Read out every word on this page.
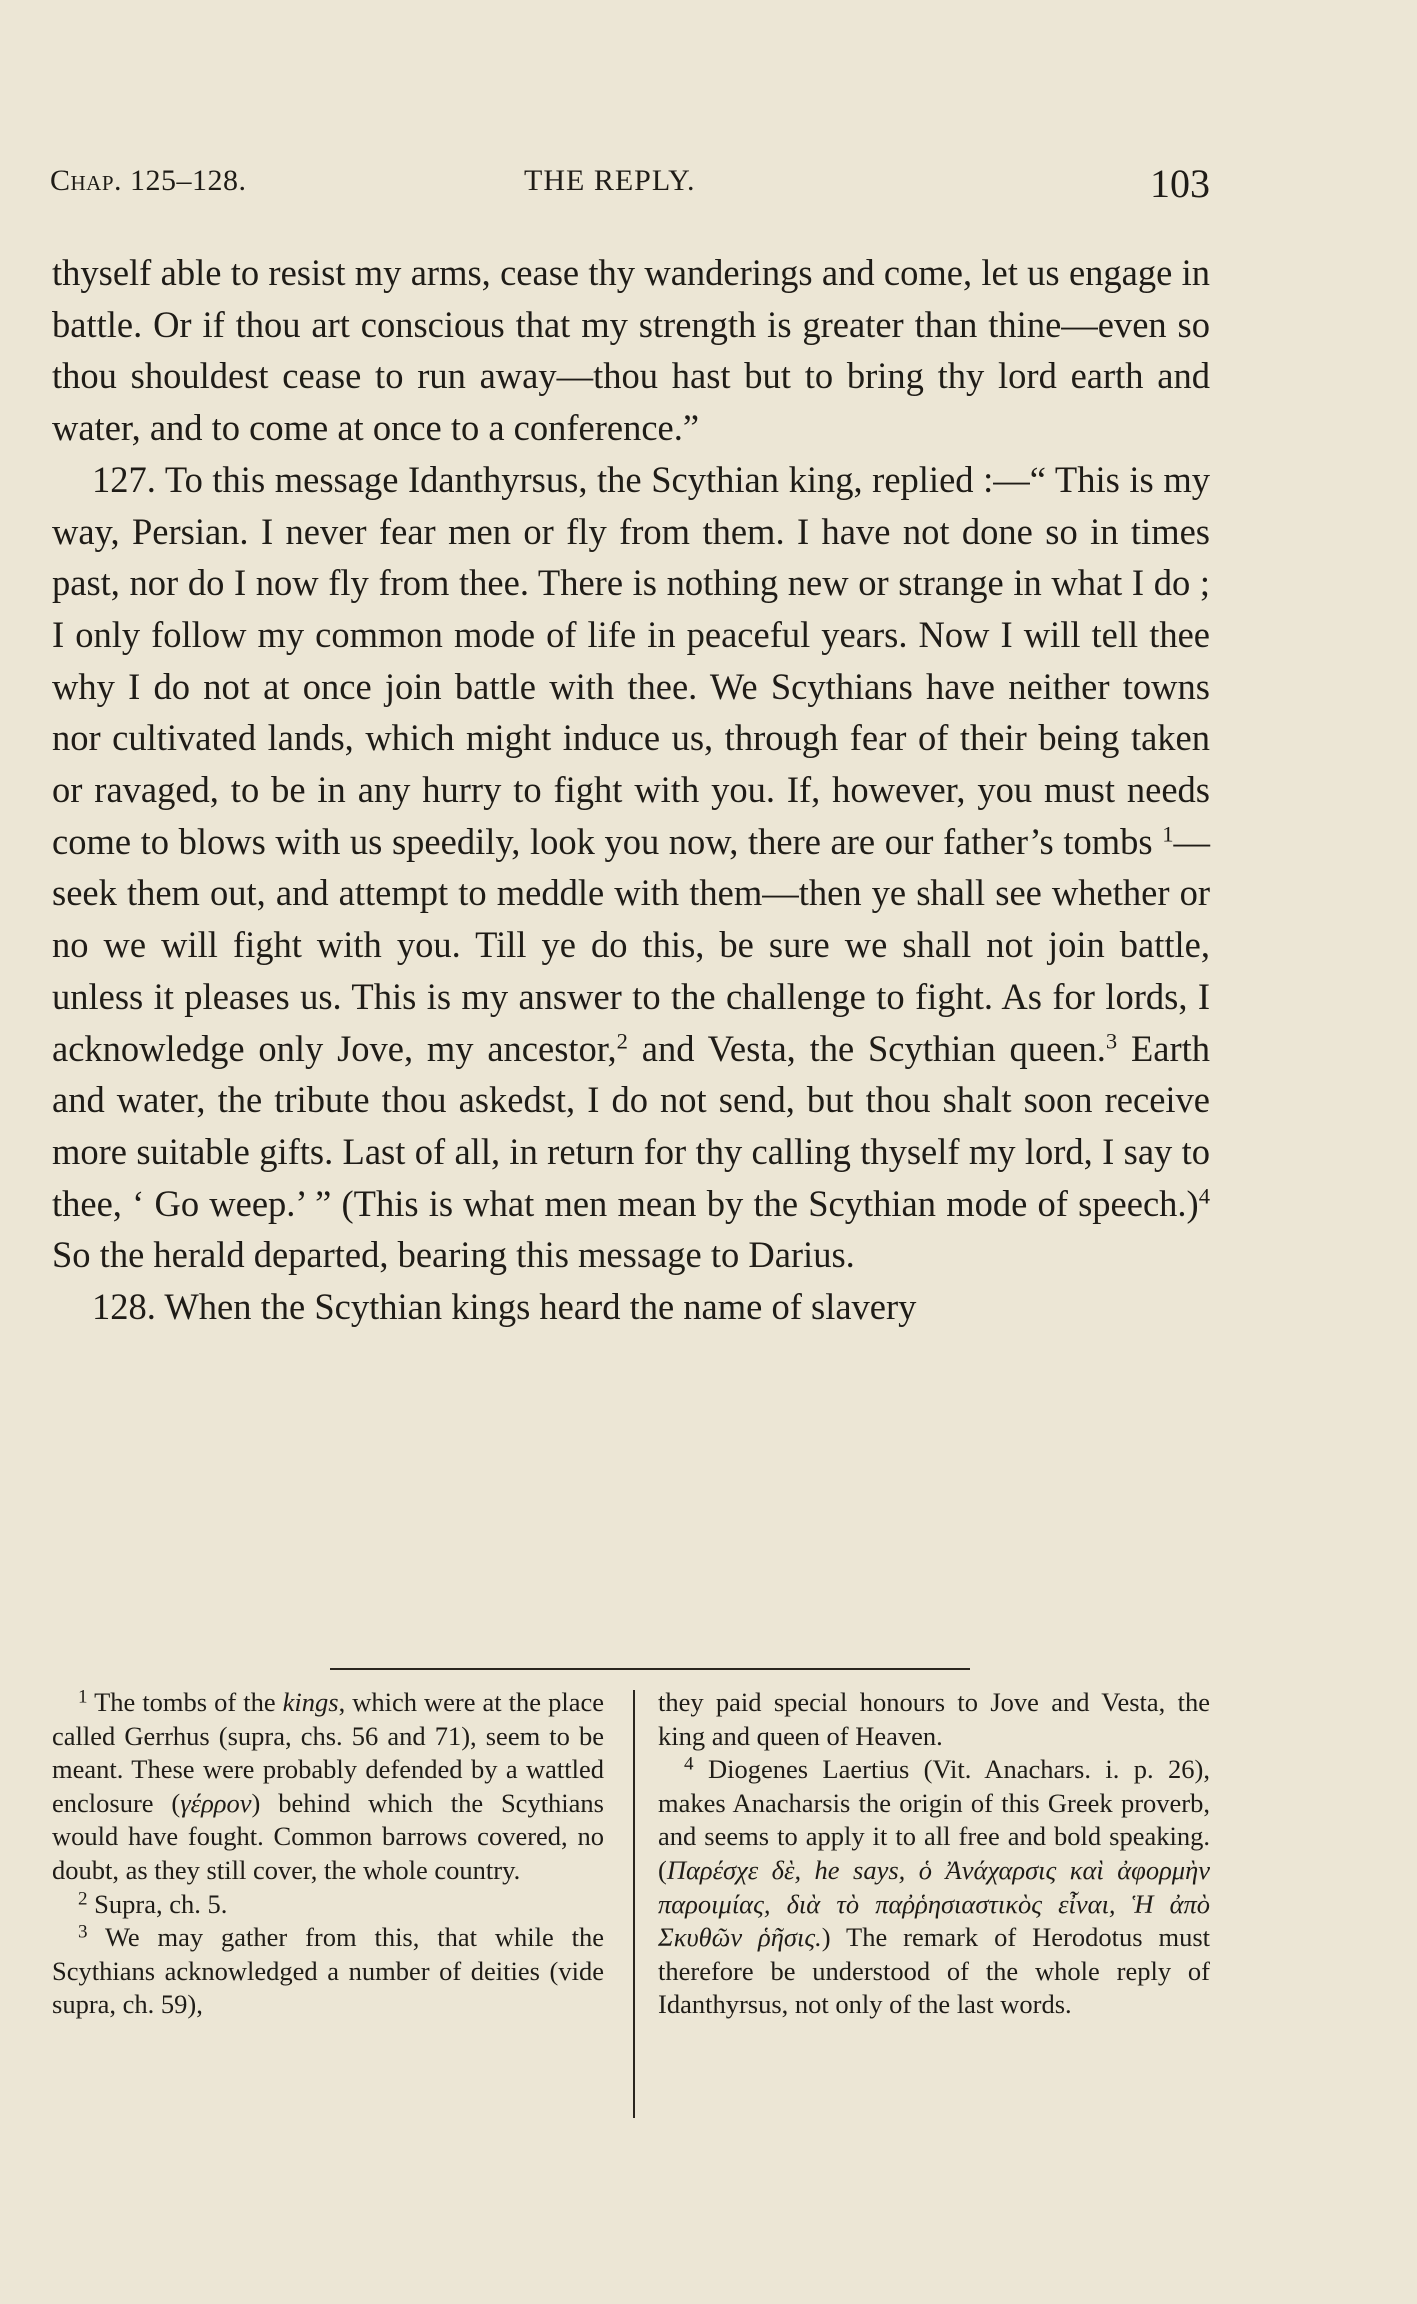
Chap. 125–128.	THE REPLY.	103

thyself able to resist my arms, cease thy wanderings and come, let us engage in battle. Or if thou art conscious that my strength is greater than thine—even so thou shouldest cease to run away—thou hast but to bring thy lord earth and water, and to come at once to a conference.”

127. To this message Idanthyrsus, the Scythian king, replied :—“ This is my way, Persian. I never fear men or fly from them. I have not done so in times past, nor do I now fly from thee. There is nothing new or strange in what I do ; I only follow my common mode of life in peaceful years. Now I will tell thee why I do not at once join battle with thee. We Scythians have neither towns nor cultivated lands, which might induce us, through fear of their being taken or ravaged, to be in any hurry to fight with you. If, however, you must needs come to blows with us speedily, look you now, there are our father’s tombs $^1$—seek them out, and attempt to meddle with them—then ye shall see whether or no we will fight with you. Till ye do this, be sure we shall not join battle, unless it pleases us. This is my answer to the challenge to fight. As for lords, I acknowledge only Jove, my ancestor,$^2$ and Vesta, the Scythian queen.$^3$ Earth and water, the tribute thou askedst, I do not send, but thou shalt soon receive more suitable gifts. Last of all, in return for thy calling thyself my lord, I say to thee, ‘ Go weep.’ ” (This is what men mean by the Scythian mode of speech.)$^4$ So the herald departed, bearing this message to Darius.

128. When the Scythian kings heard the name of slavery

$^1$ The tombs of the kings, which were at the place called Gerrhus (supra, chs. 56 and 71), seem to be meant. These were probably defended by a wattled enclosure (γέρρον) behind which the Scythians would have fought. Common barrows covered, no doubt, as they still cover, the whole country.

$^2$ Supra, ch. 5.

$^3$ We may gather from this, that while the Scythians acknowledged a number of deities (vide supra, ch. 59),

they paid special honours to Jove and Vesta, the king and queen of Heaven.

$^4$ Diogenes Laertius (Vit. Anachars. i. p. 26), makes Anacharsis the origin of this Greek proverb, and seems to apply it to all free and bold speaking. (Παρέσχε δὲ, he says, ὁ Ἀνάχαρσις καὶ ἀφορμὴν παροιμίας, διὰ τὸ παῤῥησιαστικὸς εἶναι, Ἡ ἀπὸ Σκυθῶν ῥῆσις.) The remark of Herodotus must therefore be understood of the whole reply of Idanthyrsus, not only of the last words.
